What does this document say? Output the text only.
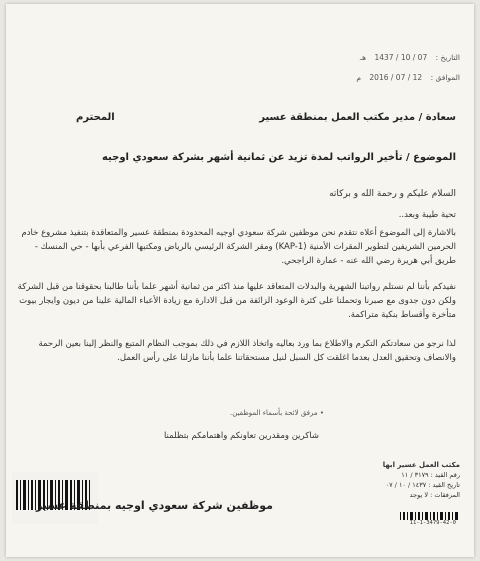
التاريخ : 07 / 10 / 1437 هـ
الموافق : 12 / 07 / 2016 م
سعادة / مدير مكتب العمل بمنطقة عسير
المحترم
الموضوع / تأخير الرواتب لمدة تزيد عن ثمانية أشهر بشركة سعودي اوجيه
السلام عليكم و رحمة الله و بركاته
تحية طيبة وبعد..
بالاشارة إلى الموضوع أعلاه نتقدم نحن موظفين شركة سعودي اوجيه المحدودة بمنطقة عسير والمتعاقدة بتنفيذ مشروع خادم الحرمين الشريفين لتطوير المقرات الأمنية (KAP-1) ومقر الشركة الرئيسي بالرياض ومكتبها الفرعي بأبها - حي المنسك - طريق أبي هريرة رضي الله عنه - عمارة الراجحي.
نفيدكم بأننا لم نستلم رواتبنا الشهرية والبدلات المتعاقد عليها منذ اكثر من ثمانية أشهر علما بأننا طالبنا بحقوقنا من قبل الشركة ولكن دون جدوى مع صبرنا وتحملنا على كثرة الوعود الزائفة من قبل الادارة مع زيادة الأعباء المالية علينا من ديون وايجار بيوت متأخرة وأقساط بنكية متراكمة.
لذا نرجو من سعادتكم التكرم والاطلاع بما ورد بعاليه واتخاذ اللازم في ذلك بموجب النظام المتبع والنظر إلينا بعين الرحمة والانصاف وتحقيق العدل بعدما اغلقت كل السبل لنيل مستحقاتنا علما بأننا مازلنا على رأس العمل.
• مرفق لائحة بأسماء الموظفين.
شاكرين ومقدرين تعاونكم واهتمامكم بتظلمنا
موظفين شركة سعودي اوجيه بمنطقة عسير
مكتب العمل عسير ابها
رقم القيد : ٣١٧٩ / ١١
تاريخ القيد : ١٤٣٧ / ١٠ / ٠٧
المرفقات : لا يوجد
11-1-3479-42-0
